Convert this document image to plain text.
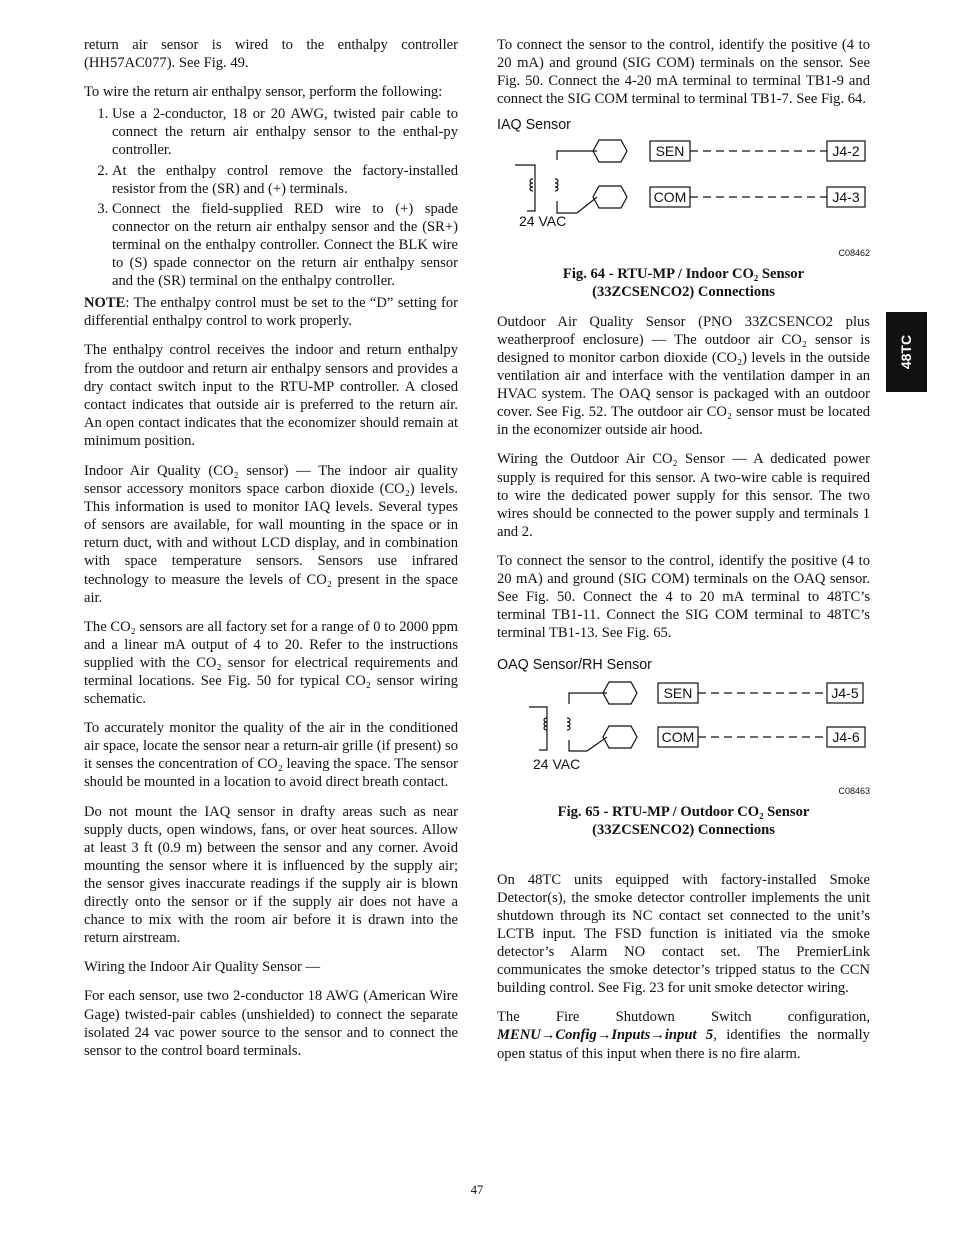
48TC

return air sensor is wired to the enthalpy controller (HH57AC077). See Fig. 49.

To wire the return air enthalpy sensor, perform the following:

1. Use a 2-conductor, 18 or 20 AWG, twisted pair cable to connect the return air enthalpy sensor to the enthal-py controller.
2. At the enthalpy control remove the factory-installed resistor from the (SR) and (+) terminals.
3. Connect the field-supplied RED wire to (+) spade connector on the return air enthalpy sensor and the (SR+) terminal on the enthalpy controller. Connect the BLK wire to (S) spade connector on the return air enthalpy sensor and the (SR) terminal on the enthalpy controller.

NOTE: The enthalpy control must be set to the “D” setting for differential enthalpy control to work properly.

The enthalpy control receives the indoor and return enthalpy from the outdoor and return air enthalpy sensors and provides a dry contact switch input to the RTU-MP controller. A closed contact indicates that outside air is preferred to the return air. An open contact indicates that the economizer should remain at minimum position.

Indoor Air Quality (CO₂ sensor) — The indoor air quality sensor accessory monitors space carbon dioxide (CO₂) levels. This information is used to monitor IAQ levels. Several types of sensors are available, for wall mounting in the space or in return duct, with and without LCD display, and in combination with space temperature sensors. Sensors use infrared technology to measure the levels of CO₂ present in the space air.

The CO₂ sensors are all factory set for a range of 0 to 2000 ppm and a linear mA output of 4 to 20. Refer to the instructions supplied with the CO₂ sensor for electrical requirements and terminal locations. See Fig. 50 for typical CO₂ sensor wiring schematic.

To accurately monitor the quality of the air in the conditioned air space, locate the sensor near a return-air grille (if present) so it senses the concentration of CO₂ leaving the space. The sensor should be mounted in a location to avoid direct breath contact.

Do not mount the IAQ sensor in drafty areas such as near supply ducts, open windows, fans, or over heat sources. Allow at least 3 ft (0.9 m) between the sensor and any corner. Avoid mounting the sensor where it is influenced by the supply air; the sensor gives inaccurate readings if the supply air is blown directly onto the sensor or if the supply air does not have a chance to mix with the room air before it is drawn into the return airstream.

Wiring the Indoor Air Quality Sensor —

For each sensor, use two 2-conductor 18 AWG (American Wire Gage) twisted-pair cables (unshielded) to connect the separate isolated 24 vac power source to the sensor and to connect the sensor to the control board terminals.

To connect the sensor to the control, identify the positive (4 to 20 mA) and ground (SIG COM) terminals on the sensor. See Fig. 50. Connect the 4-20 mA terminal to terminal TB1-9 and connect the SIG COM terminal to terminal TB1-7. See Fig. 64.

IAQ Sensor

SEN
COM
J4-2
J4-3
24 VAC

C08462

Fig. 64 - RTU-MP / Indoor CO₂ Sensor
(33ZCSENCO2) Connections

Outdoor Air Quality Sensor (PNO 33ZCSENCO2 plus weatherproof enclosure) — The outdoor air CO₂ sensor is designed to monitor carbon dioxide (CO₂) levels in the outside ventilation air and interface with the ventilation damper in an HVAC system. The OAQ sensor is packaged with an outdoor cover. See Fig. 52. The outdoor air CO₂ sensor must be located in the economizer outside air hood.

Wiring the Outdoor Air CO₂ Sensor — A dedicated power supply is required for this sensor. A two-wire cable is required to wire the dedicated power supply for this sensor. The two wires should be connected to the power supply and terminals 1 and 2.

To connect the sensor to the control, identify the positive (4 to 20 mA) and ground (SIG COM) terminals on the OAQ sensor. See Fig. 50. Connect the 4 to 20 mA terminal to 48TC’s terminal TB1-11. Connect the SIG COM terminal to 48TC’s terminal TB1-13. See Fig. 65.

OAQ Sensor/RH Sensor

SEN
COM
J4-5
J4-6
24 VAC

C08463

Fig. 65 - RTU-MP / Outdoor CO₂ Sensor
(33ZCSENCO2) Connections

On 48TC units equipped with factory-installed Smoke Detector(s), the smoke detector controller implements the unit shutdown through its NC contact set connected to the unit’s LCTB input. The FSD function is initiated via the smoke detector’s Alarm NO contact set. The PremierLink communicates the smoke detector’s tripped status to the CCN building control. See Fig. 23 for unit smoke detector wiring.

The Fire Shutdown Switch configuration, MENU→Config→Inputs→input 5, identifies the normally open status of this input when there is no fire alarm.

47
